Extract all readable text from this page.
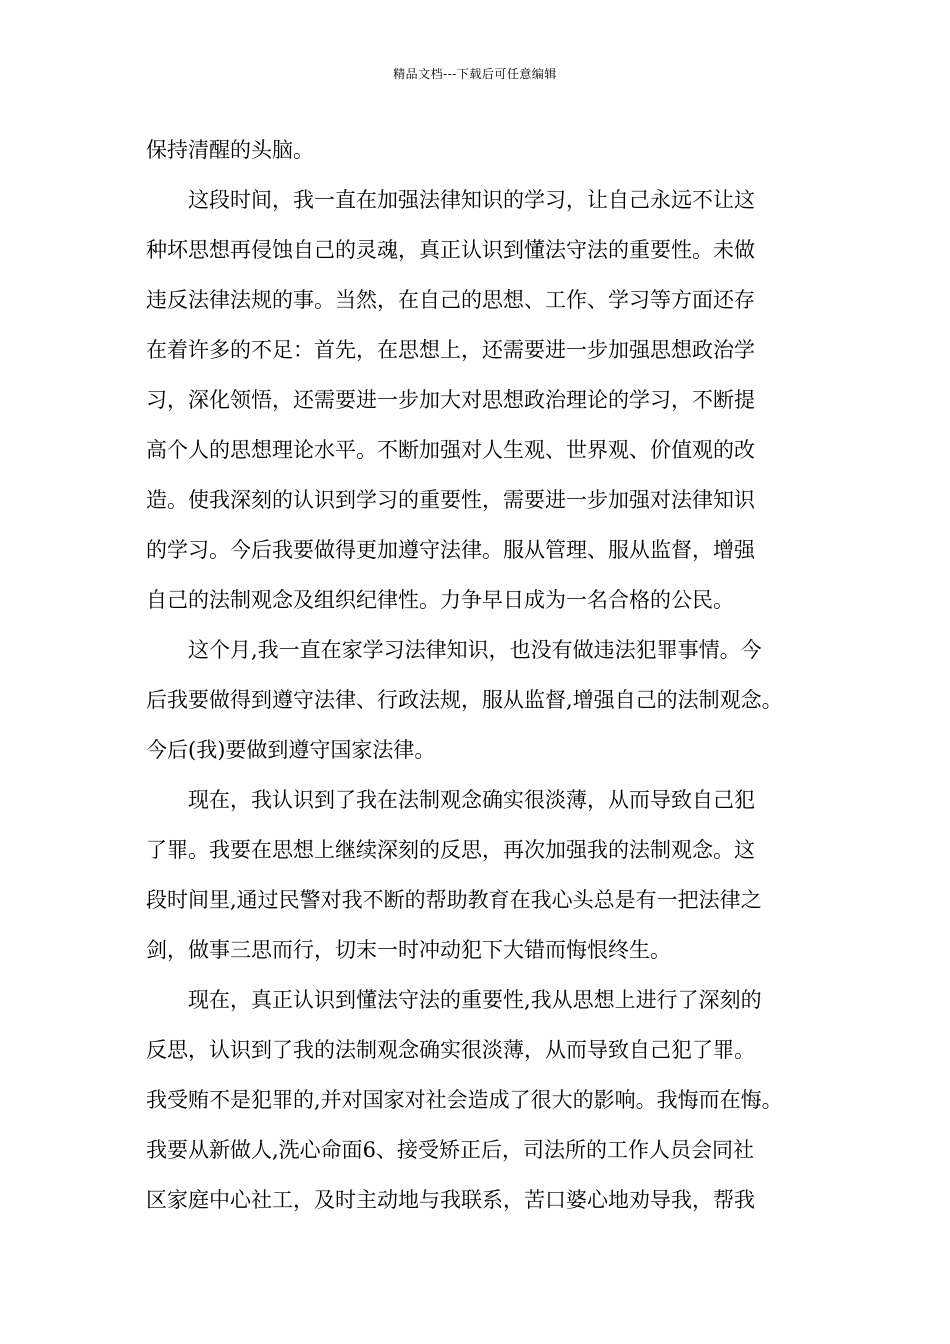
精品文档---下载后可任意编辑
保持清醒的头脑。
　　这段时间，我一直在加强法律知识的学习，让自己永远不让这
种坏思想再侵蚀自己的灵魂，真正认识到懂法守法的重要性。未做
违反法律法规的事。当然，在自己的思想、工作、学习等方面还存
在着许多的不足：首先，在思想上，还需要进一步加强思想政治学
习，深化领悟，还需要进一步加大对思想政治理论的学习，不断提
高个人的思想理论水平。不断加强对人生观、世界观、价值观的改
造。使我深刻的认识到学习的重要性，需要进一步加强对法律知识
的学习。今后我要做得更加遵守法律。服从管理、服从监督，增强
自己的法制观念及组织纪律性。力争早日成为一名合格的公民。
　　这个月,我一直在家学习法律知识，也没有做违法犯罪事情。今
后我要做得到遵守法律、行政法规，服从监督,增强自己的法制观念。
今后(我)要做到遵守国家法律。
　　现在，我认识到了我在法制观念确实很淡薄，从而导致自己犯
了罪。我要在思想上继续深刻的反思，再次加强我的法制观念。这
段时间里,通过民警对我不断的帮助教育在我心头总是有一把法律之
剑，做事三思而行，切末一时冲动犯下大错而悔恨终生。
　　现在，真正认识到懂法守法的重要性,我从思想上进行了深刻的
反思，认识到了我的法制观念确实很淡薄，从而导致自己犯了罪。
我受贿不是犯罪的,并对国家对社会造成了很大的影响。我悔而在悔。
我要从新做人,洗心命面6、接受矫正后，司法所的工作人员会同社
区家庭中心社工，及时主动地与我联系，苦口婆心地劝导我，帮我
